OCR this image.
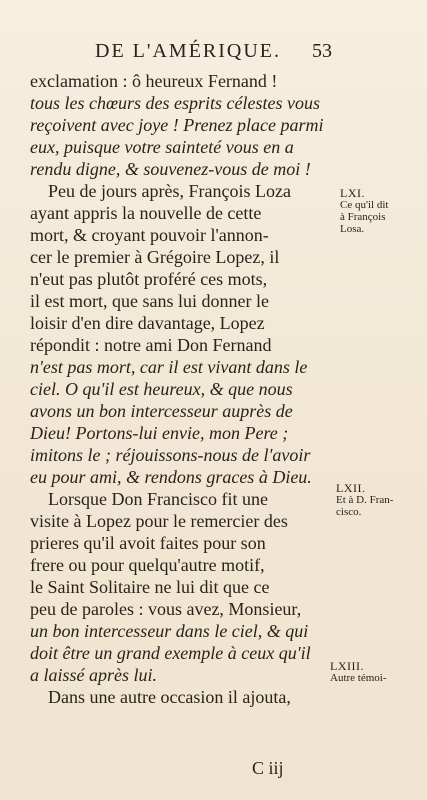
DE L'AMÉRIQUE. 53
exclamation : ô heureux Fernand !
tous les chœurs des esprits célestes vous
reçoivent avec joye ! Prenez place parmi
eux, puisque votre sainteté vous en a
rendu digne, & souvenez-vous de moi !
Peu de jours après, François Loza
ayant appris la nouvelle de cette
mort, & croyant pouvoir l'annon-
cer le premier à Grégoire Lopez, il
n'eut pas plutôt proféré ces mots,
il est mort, que sans lui donner le
loisir d'en dire davantage, Lopez
répondit : notre ami Don Fernand
n'est pas mort, car il est vivant dans le
ciel. O qu'il est heureux, & que nous
avons un bon intercesseur auprès de
Dieu! Portons-lui envie, mon Pere ;
imitons le ; réjouissons-nous de l'avoir
eu pour ami, & rendons graces à Dieu.
Lorsque Don Francisco fit une
visite à Lopez pour le remercier des
prieres qu'il avoit faites pour son
frere ou pour quelqu'autre motif,
le Saint Solitaire ne lui dit que ce
peu de paroles : vous avez, Monsieur,
un bon intercesseur dans le ciel, & qui
doit être un grand exemple à ceux qu'il
a laissé après lui.
Dans une autre occasion il ajouta,
LXI.
Ce qu'il dit
à François
Losa.
LXII.
Et à D. Fran-
cisco.
LXIII.
Autre témoi-
C iij
